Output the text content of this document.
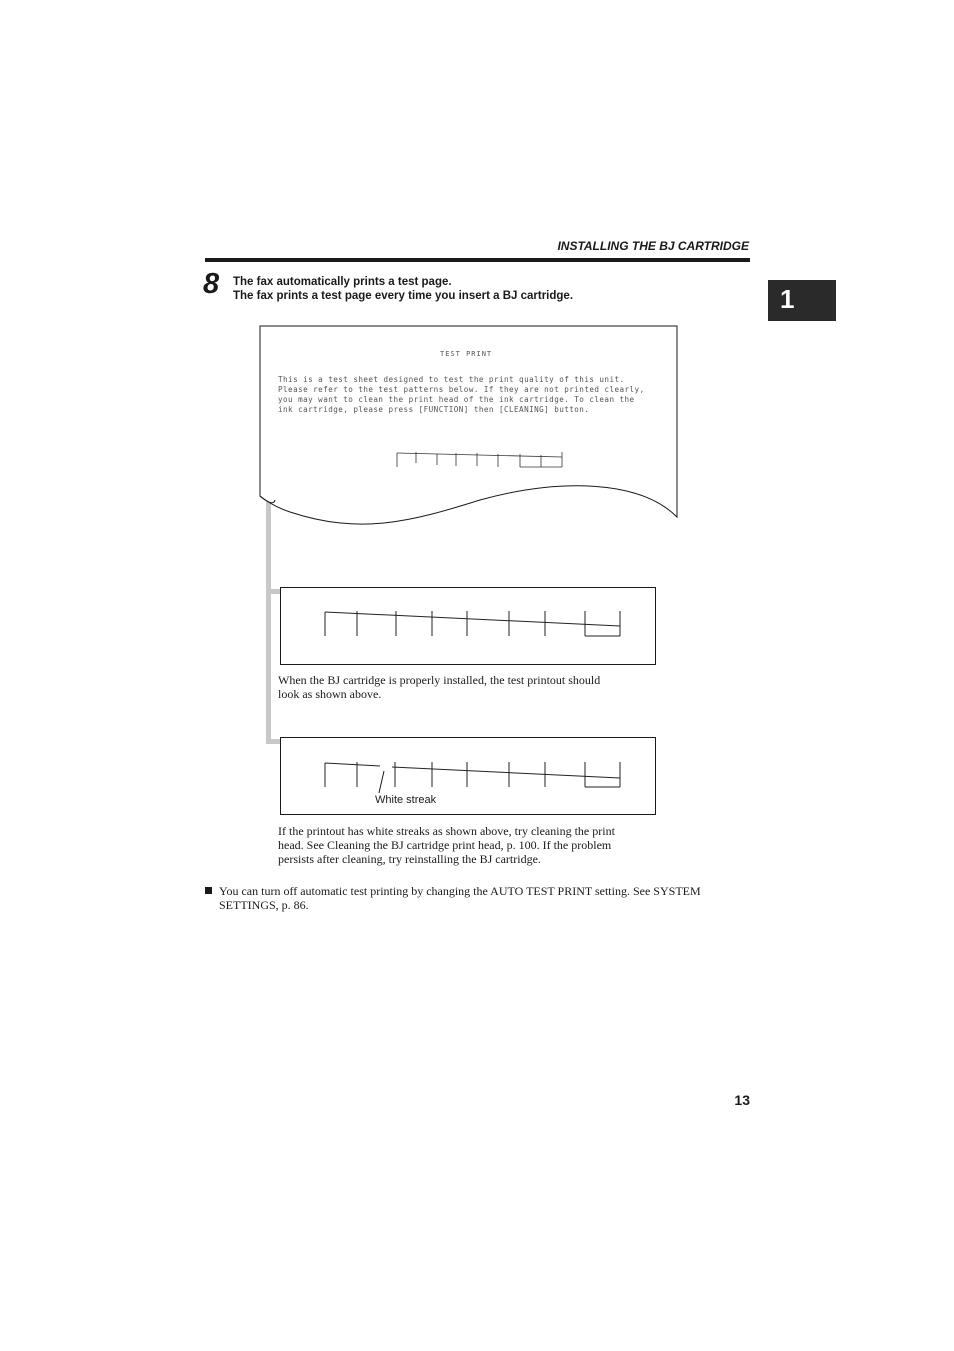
INSTALLING THE BJ CARTRIDGE
1
8 The fax automatically prints a test page.
The fax prints a test page every time you insert a BJ cartridge.
TEST PRINT
This is a test sheet designed to test the print quality of this unit.
Please refer to the test patterns below. If they are not printed clearly,
you may want to clean the print head of the ink cartridge. To clean the
ink cartridge, please press [FUNCTION] then [CLEANING] button.
When the BJ cartridge is properly installed, the test printout should
look as shown above.
White streak
If the printout has white streaks as shown above, try cleaning the print
head. See Cleaning the BJ cartridge print head, p. 100. If the problem
persists after cleaning, try reinstalling the BJ cartridge.
You can turn off automatic test printing by changing the AUTO TEST PRINT setting. See SYSTEM
SETTINGS, p. 86.
13
